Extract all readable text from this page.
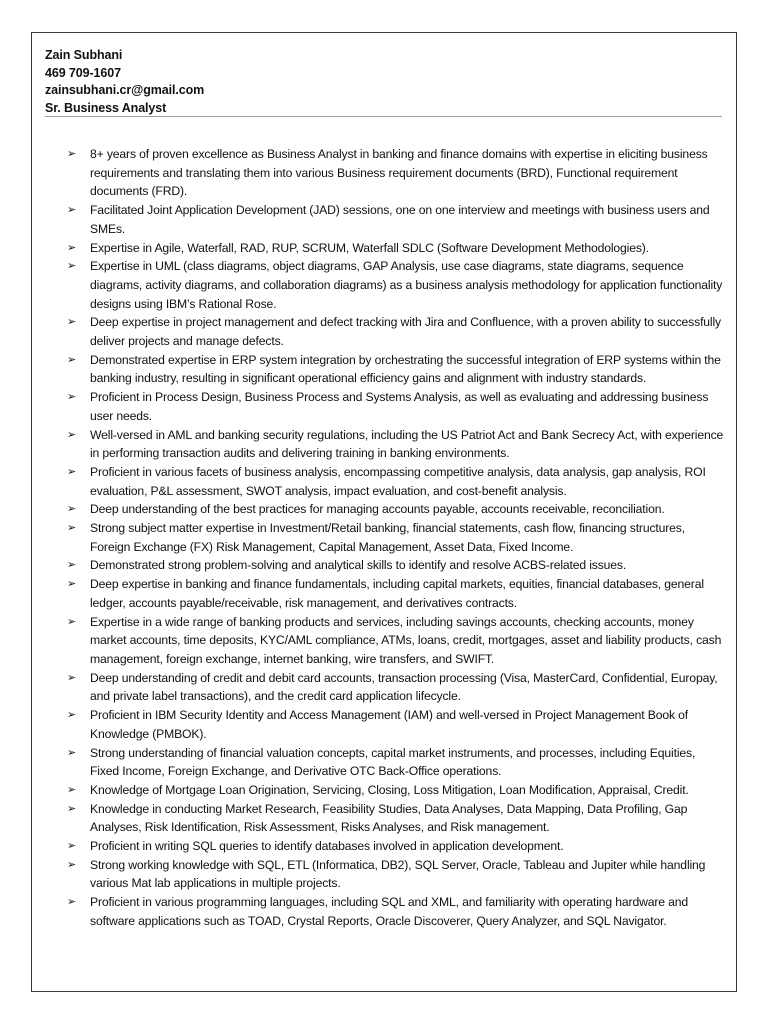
Zain Subhani
469 709-1607
zainsubhani.cr@gmail.com
Sr. Business Analyst
➢ 8+ years of proven excellence as Business Analyst in banking and finance domains with expertise in eliciting business requirements and translating them into various Business requirement documents (BRD), Functional requirement documents (FRD).
➢ Facilitated Joint Application Development (JAD) sessions, one on one interview and meetings with business users and SMEs.
➢ Expertise in Agile, Waterfall, RAD, RUP, SCRUM, Waterfall SDLC (Software Development Methodologies).
➢ Expertise in UML (class diagrams, object diagrams, GAP Analysis, use case diagrams, state diagrams, sequence diagrams, activity diagrams, and collaboration diagrams) as a business analysis methodology for application functionality designs using IBM’s Rational Rose.
➢ Deep expertise in project management and defect tracking with Jira and Confluence, with a proven ability to successfully deliver projects and manage defects.
➢ Demonstrated expertise in ERP system integration by orchestrating the successful integration of ERP systems within the banking industry, resulting in significant operational efficiency gains and alignment with industry standards.
➢ Proficient in Process Design, Business Process and Systems Analysis, as well as evaluating and addressing business user needs.
➢ Well-versed in AML and banking security regulations, including the US Patriot Act and Bank Secrecy Act, with experience in performing transaction audits and delivering training in banking environments.
➢ Proficient in various facets of business analysis, encompassing competitive analysis, data analysis, gap analysis, ROI evaluation, P&L assessment, SWOT analysis, impact evaluation, and cost-benefit analysis.
➢ Deep understanding of the best practices for managing accounts payable, accounts receivable, reconciliation.
➢ Strong subject matter expertise in Investment/Retail banking, financial statements, cash flow, financing structures, Foreign Exchange (FX) Risk Management, Capital Management, Asset Data, Fixed Income.
➢ Demonstrated strong problem-solving and analytical skills to identify and resolve ACBS-related issues.
➢ Deep expertise in banking and finance fundamentals, including capital markets, equities, financial databases, general ledger, accounts payable/receivable, risk management, and derivatives contracts.
➢ Expertise in a wide range of banking products and services, including savings accounts, checking accounts, money market accounts, time deposits, KYC/AML compliance, ATMs, loans, credit, mortgages, asset and liability products, cash management, foreign exchange, internet banking, wire transfers, and SWIFT.
➢ Deep understanding of credit and debit card accounts, transaction processing (Visa, MasterCard, Confidential, Europay, and private label transactions), and the credit card application lifecycle.
➢ Proficient in IBM Security Identity and Access Management (IAM) and well-versed in Project Management Book of Knowledge (PMBOK).
➢ Strong understanding of financial valuation concepts, capital market instruments, and processes, including Equities, Fixed Income, Foreign Exchange, and Derivative OTC Back-Office operations.
➢ Knowledge of Mortgage Loan Origination, Servicing, Closing, Loss Mitigation, Loan Modification, Appraisal, Credit.
➢ Knowledge in conducting Market Research, Feasibility Studies, Data Analyses, Data Mapping, Data Profiling, Gap Analyses, Risk Identification, Risk Assessment, Risks Analyses, and Risk management.
➢ Proficient in writing SQL queries to identify databases involved in application development.
➢ Strong working knowledge with SQL, ETL (Informatica, DB2), SQL Server, Oracle, Tableau and Jupiter while handling various Mat lab applications in multiple projects.
➢ Proficient in various programming languages, including SQL and XML, and familiarity with operating hardware and software applications such as TOAD, Crystal Reports, Oracle Discoverer, Query Analyzer, and SQL Navigator.
